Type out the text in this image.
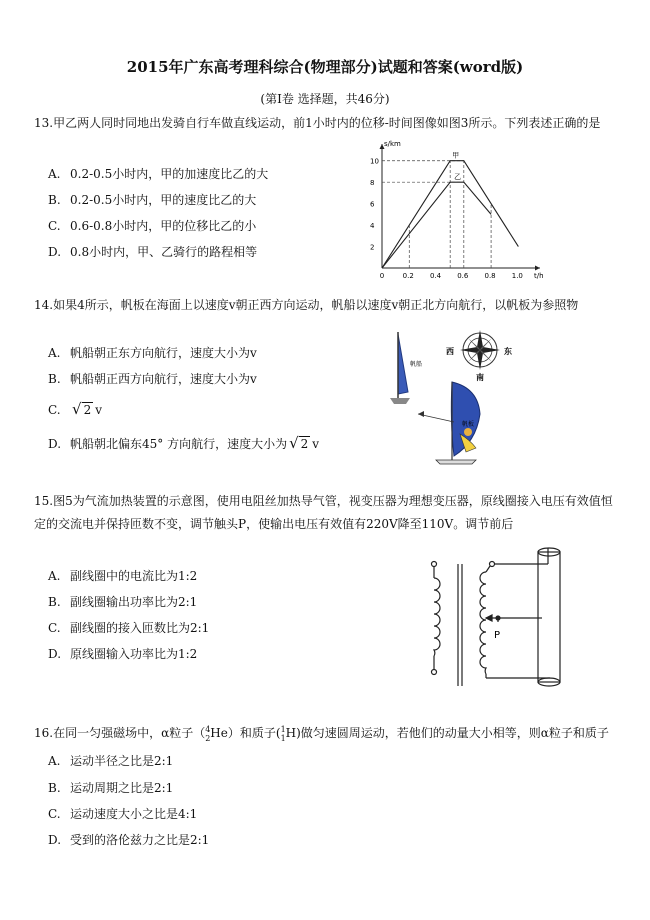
2015年广东高考理科综合(物理部分)试题和答案(word版)
(第Ⅰ卷 选择题，共46分)
13.甲乙两人同时同地出发骑自行车做直线运动，前1小时内的位移-时间图像如图3所示。下列表述正确的是
A. 0.2-0.5小时内，甲的加速度比乙的大
B. 0.2-0.5小时内，甲的速度比乙的大
C. 0.6-0.8小时内，甲的位移比乙的小
D. 0.8小时内，甲、乙骑行的路程相等
0	0.2 0.4 0.6 0.8 1.0
2
4
6
8
10
t/h
s/km
甲
乙
14.如果4所示，帆板在海面上以速度v朝正西方向运动，帆船以速度v朝正北方向航行，以帆板为参照物
A. 帆船朝正东方向航行，速度大小为v
B. 帆船朝正西方向航行，速度大小为v
C. √ 2 v
D. 帆船朝北偏东45° 方向航行，速度大小为 √ 2 v
帆船
西	东
南
帆板
15.图5为气流加热装置的示意图，使用电阻丝加热导气管，视变压器为理想变压器，原线圈接入电压有效值恒
定的交流电并保持匝数不变，调节触头P，使输出电压有效值有220V降至110V。调节前后
A. 副线圈中的电流比为1:2
B. 副线圈输出功率比为2:1
C. 副线圈的接入匝数比为2:1
D. 原线圈输入功率比为1:2
P
16.在同一匀强磁场中，α粒子（ 4
2 He）和质子( 1
1 H)做匀速圆周运动，若他们的动量大小相等，则α粒子和质子
A. 运动半径之比是2:1
B. 运动周期之比是2:1
C. 运动速度大小之比是4:1
D. 受到的洛伦兹力之比是2:1
